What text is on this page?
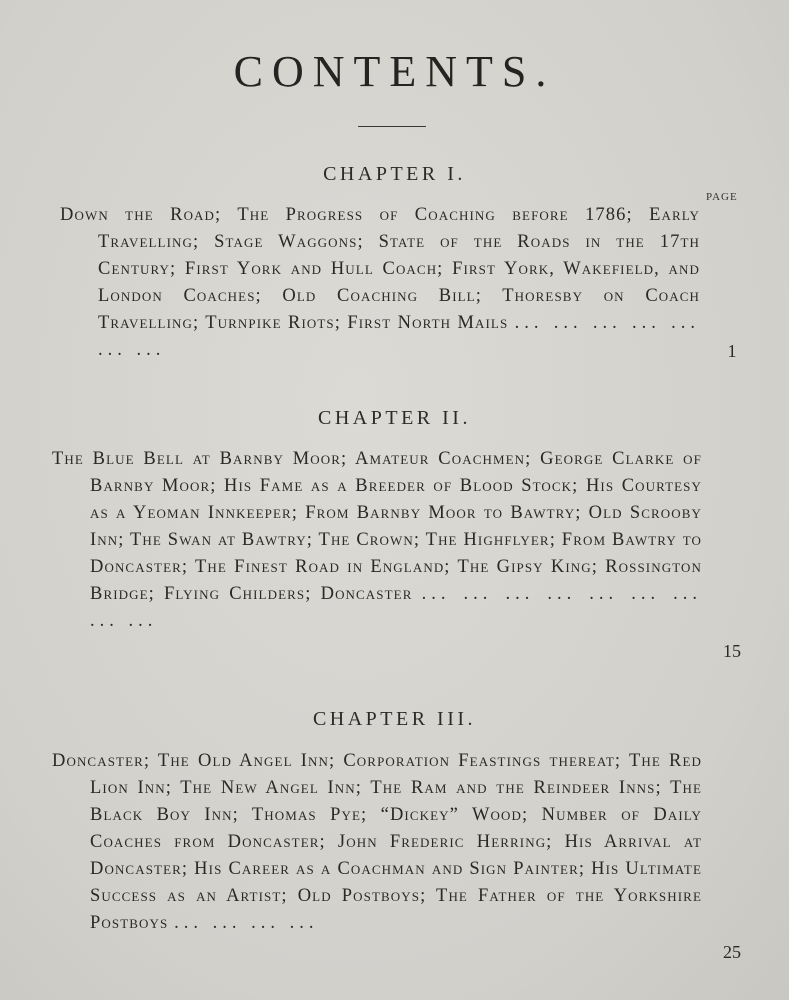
CONTENTS.
CHAPTER I.
PAGE
Down the Road; The Progress of Coaching before 1786; Early Travelling; Stage Waggons; State of the Roads in the 17th Century; First York and Hull Coach; First York, Wakefield, and London Coaches; Old Coaching Bill; Thoresby on Coach Travelling; Turnpike Riots; First North Mails ... ... ... ... ... ... ...	1
CHAPTER II.
The Blue Bell at Barnby Moor; Amateur Coachmen; George Clarke of Barnby Moor; His Fame as a Breeder of Blood Stock; His Courtesy as a Yeoman Innkeeper; From Barnby Moor to Bawtry; Old Scrooby Inn; The Swan at Bawtry; The Crown; The Highflyer; From Bawtry to Doncaster; The Finest Road in England; The Gipsy King; Rossington Bridge; Flying Childers; Doncaster ... ... ... ... ... ... ... ... ...
15
CHAPTER III.
Doncaster; The Old Angel Inn; Corporation Feastings thereat; The Red Lion Inn; The New Angel Inn; The Ram and the Reindeer Inns; The Black Boy Inn; Thomas Pye; “Dickey” Wood; Number of Daily Coaches from Doncaster; John Frederic Herring; His Arrival at Doncaster; His Career as a Coachman and Sign Painter; His Ultimate Success as an Artist; Old Postboys; The Father of the Yorkshire Postboys ... ... ... ...
25
